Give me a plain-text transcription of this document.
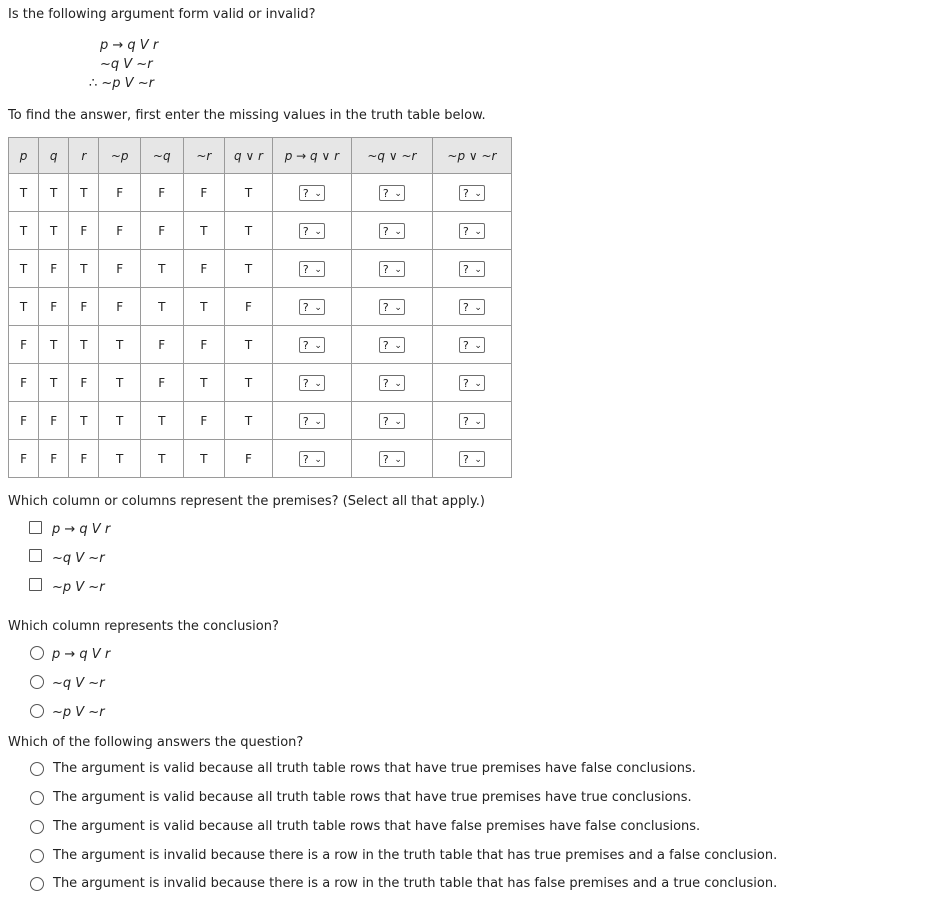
Is the following argument form valid or invalid?
p → q V r
~q V ~r
∴ ~p V ~r
To find the answer, first enter the missing values in the truth table below.
p	q	r	~p	~q	~r	q ∨ r	p → q ∨ r	~q ∨ ~r	~p ∨ ~r
T	T	T	F	F	F	T	? ⌄	? ⌄	? ⌄

T	T	F	F	F	T	T	? ⌄	? ⌄	? ⌄

T	F	T	F	T	F	T	? ⌄	? ⌄	? ⌄

T	F	F	F	T	T	F	? ⌄	? ⌄	? ⌄

F	T	T	T	F	F	T	? ⌄	? ⌄	? ⌄

F	T	F	T	F	T	T	? ⌄	? ⌄	? ⌄

F	F	T	T	T	F	T	? ⌄	? ⌄	? ⌄

F	F	F	T	T	T	F	? ⌄	? ⌄	? ⌄
Which column or columns represent the premises? (Select all that apply.)
p → q V r
~q V ~r
~p V ~r
Which column represents the conclusion?
p → q V r
~q V ~r
~p V ~r
Which of the following answers the question?
The argument is valid because all truth table rows that have true premises have false conclusions.
The argument is valid because all truth table rows that have true premises have true conclusions.
The argument is valid because all truth table rows that have false premises have false conclusions.
The argument is invalid because there is a row in the truth table that has true premises and a false conclusion.
The argument is invalid because there is a row in the truth table that has false premises and a true conclusion.
